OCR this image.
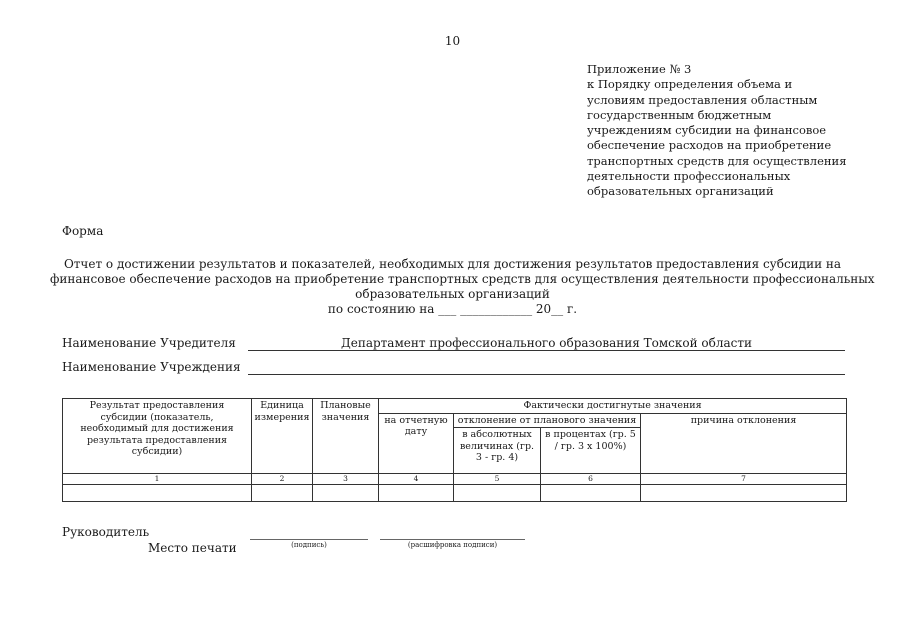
10
Приложение № 3
к Порядку определения объема и
условиям предоставления областным
государственным бюджетным
учреждениям субсидии на финансовое
обеспечение расходов на приобретение
транспортных средств для осуществления
деятельности профессиональных
образовательных организаций
Форма
Отчет о достижении результатов и показателей, необходимых для достижения результатов предоставления субсидии на
финансовое обеспечение расходов на приобретение транспортных средств для осуществления деятельности профессиональных
образовательных организаций
по состоянию на ___ ____________ 20__ г.
Наименование Учредителя	Департамент профессионального образования Томской области
Наименование Учреждения
Результат предоставления субсидии (показатель, необходимый для достижения результата предоставления субсидии)	Единица измерения	Плановые значения	Фактически достигнутые значения			
			на отчетную дату	отклонение от планового значения		причина отклонения
				в абсолютных величинах (гр. 3 - гр. 4)	в процентах (гр. 5 / гр. 3 х 100%)	
1	2	3	4	5	6	7

Руководитель
Место печати	(подпись)	(расшифровка подписи)
